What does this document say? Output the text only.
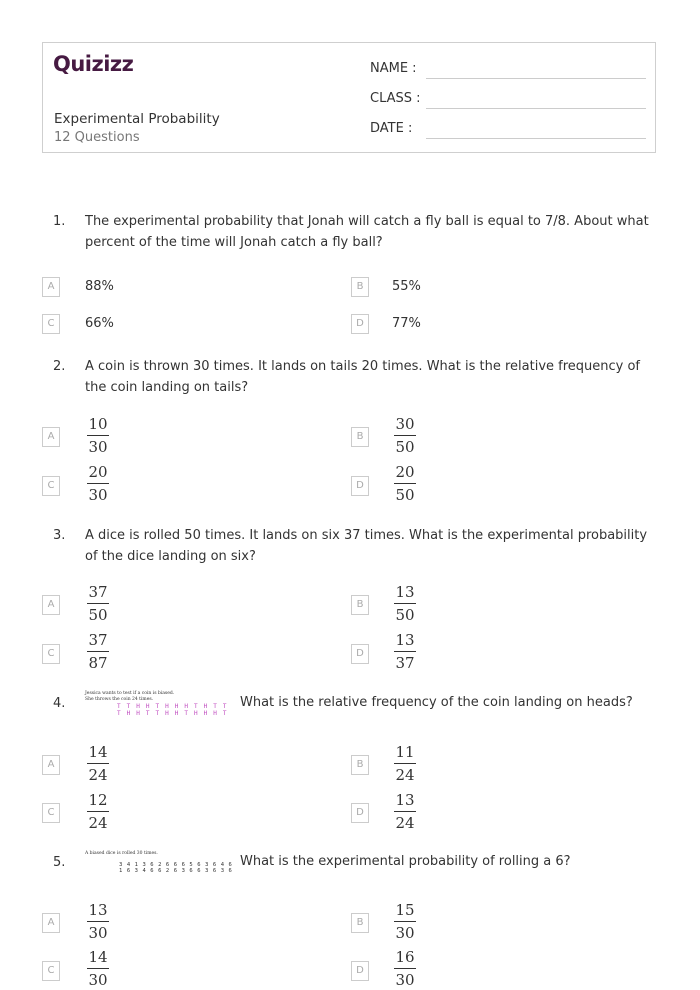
Quizizz
Experimental Probability
12 Questions
NAME :
CLASS :
DATE :
1. The experimental probability that Jonah will catch a fly ball is equal to 7/8. About what percent of the time will Jonah catch a fly ball?
A	88%	B	55%
C	66%	D	77%
2. A coin is thrown 30 times. It lands on tails 20 times. What is the relative frequency of the coin landing on tails?
A
10
30
B
30
50
C
20
30
D
20
50
3. A dice is rolled 50 times. It lands on six 37 times. What is the experimental probability of the dice landing on six?
A
37
50
B
13
50
C
37
87
D
13
37
4.
Jessica wants to test if a coin is biased.
She throws the coin 24 times.
T T H H T H H H T H T T
T H H T T H H T H H H T
What is the relative frequency of the coin landing on heads?
A
14
24
B
11
24
C
12
24
D
13
24
5.
A biased dice is rolled 30 times.
3 4 1 3 6 2 6 6 6 5 6 3 6 4 6
1 6 3 4 6 6 2 6 3 6 6 3 6 3 6
What is the experimental probability of rolling a 6?
A
13
30
B
15
30
C
14
30
D
16
30
